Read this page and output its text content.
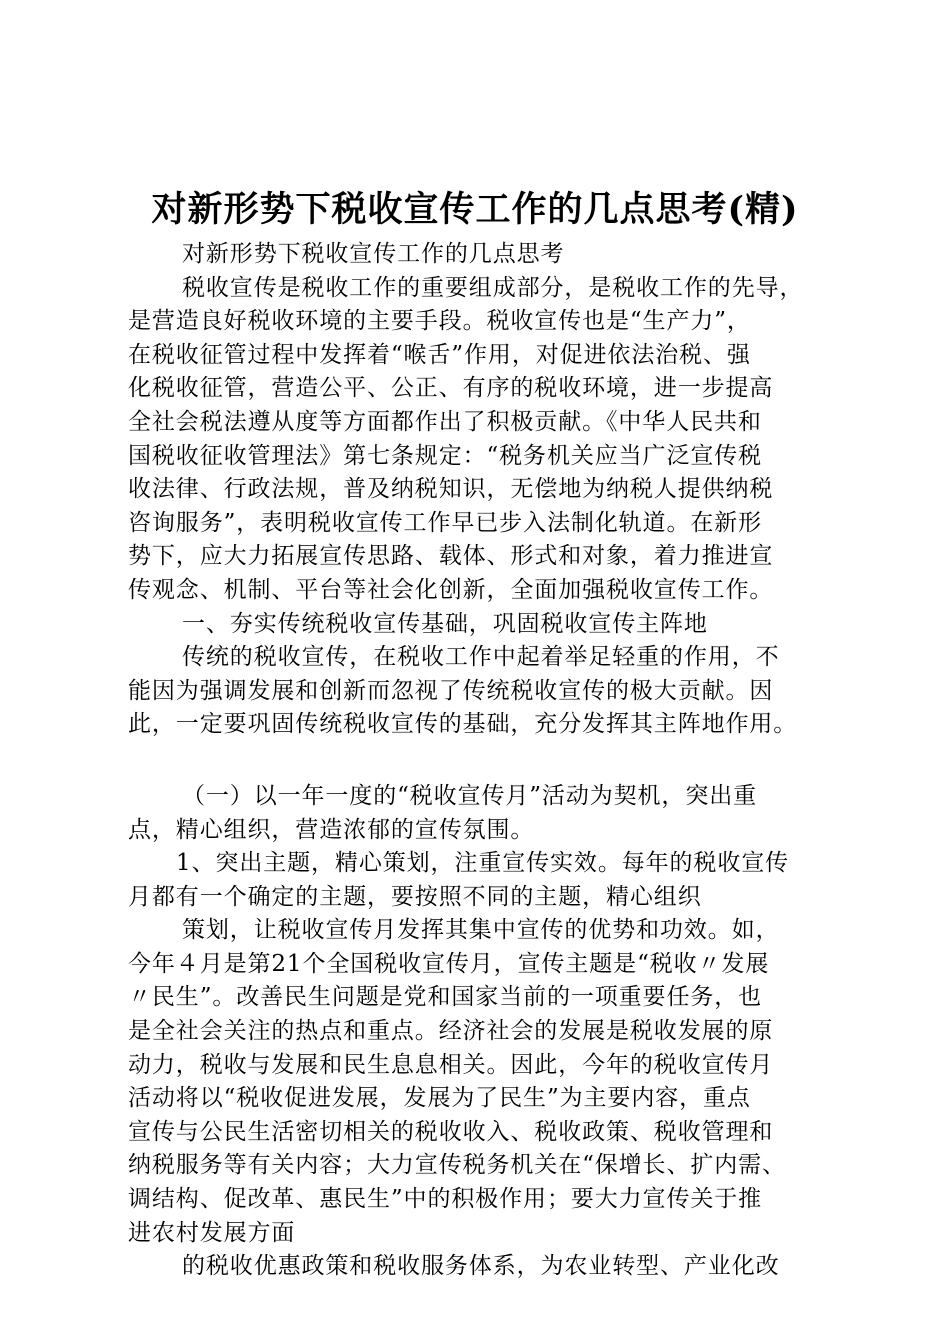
对新形势下税收宣传工作的几点思考(精)
对新形势下税收宣传工作的几点思考
税收宣传是税收工作的重要组成部分，是税收工作的先导，
是营造良好税收环境的主要手段。税收宣传也是“生产力”，
在税收征管过程中发挥着“喉舌”作用，对促进依法治税、强
化税收征管，营造公平、公正、有序的税收环境，进一步提高
全社会税法遵从度等方面都作出了积极贡献。《中华人民共和
国税收征收管理法》第七条规定：“税务机关应当广泛宣传税
收法律、行政法规，普及纳税知识，无偿地为纳税人提供纳税
咨询服务”，表明税收宣传工作早已步入法制化轨道。在新形
势下，应大力拓展宣传思路、载体、形式和对象，着力推进宣
传观念、机制、平台等社会化创新，全面加强税收宣传工作。
一、夯实传统税收宣传基础，巩固税收宣传主阵地
传统的税收宣传，在税收工作中起着举足轻重的作用，不
能因为强调发展和创新而忽视了传统税收宣传的极大贡献。因
此，一定要巩固传统税收宣传的基础，充分发挥其主阵地作用。
（一）以一年一度的“税收宣传月”活动为契机，突出重
点，精心组织，营造浓郁的宣传氛围。
1、突出主题，精心策划，注重宣传实效。每年的税收宣传
月都有一个确定的主题，要按照不同的主题，精心组织
策划，让税收宣传月发挥其集中宣传的优势和功效。如，
今年４月是第21个全国税收宣传月，宣传主题是“税收〃发展
〃民生”。改善民生问题是党和国家当前的一项重要任务，也
是全社会关注的热点和重点。经济社会的发展是税收发展的原
动力，税收与发展和民生息息相关。因此，今年的税收宣传月
活动将以“税收促进发展，发展为了民生”为主要内容，重点
宣传与公民生活密切相关的税收收入、税收政策、税收管理和
纳税服务等有关内容；大力宣传税务机关在“保增长、扩内需、
调结构、促改革、惠民生”中的积极作用；要大力宣传关于推
进农村发展方面
的税收优惠政策和税收服务体系，为农业转型、产业化改
